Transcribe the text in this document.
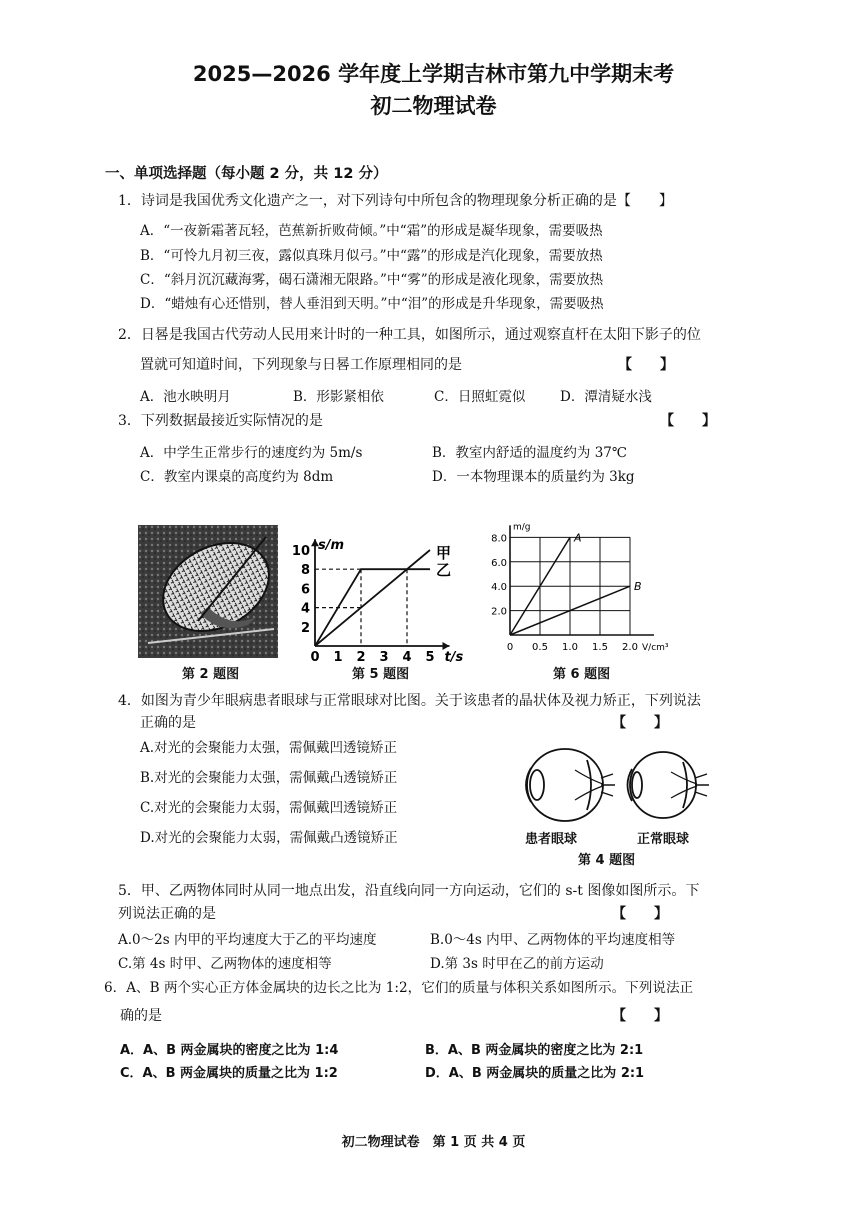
2025—2026 学年度上学期吉林市第九中学期末考
初二物理试卷
一、单项选择题（每小题 2 分，共 12 分）
1．诗词是我国优秀文化遗产之一，对下列诗句中所包含的物理现象分析正确的是【　　】
A．“一夜新霜著瓦轻，芭蕉新折败荷倾。”中“霜”的形成是凝华现象，需要吸热
B．“可怜九月初三夜，露似真珠月似弓。”中“露”的形成是汽化现象，需要放热
C．“斜月沉沉藏海雾，碣石潇湘无限路。”中“雾”的形成是液化现象，需要放热
D．“蜡烛有心还惜别，替人垂泪到天明。”中“泪”的形成是升华现象，需要吸热
2．日晷是我国古代劳动人民用来计时的一种工具，如图所示，通过观察直杆在太阳下影子的位
置就可知道时间，下列现象与日晷工作原理相同的是	【　　】
A．池水映明月	B．形影紧相依	C．日照虹霓似	D．潭清疑水浅
3．下列数据最接近实际情况的是	【　　】
A．中学生正常步行的速度约为 5m/s	B．教室内舒适的温度约为 37℃
C．教室内课桌的高度约为 8dm	D．一本物理课本的质量约为 3kg
0 1 2 3 4 5
2
4
6
8
10
t/s
s/m	甲
乙
0 0.5 1.0 1.5 2.0
2.0
4.0
6.0
8.0
V/cm³
m/g
A
B
第 2 题图	第 5 题图	第 6 题图
4．如图为青少年眼病患者眼球与正常眼球对比图。关于该患者的晶状体及视力矫正，下列说法
正确的是	【　　】
A.对光的会聚能力太强，需佩戴凹透镜矫正
B.对光的会聚能力太强，需佩戴凸透镜矫正
C.对光的会聚能力太弱，需佩戴凹透镜矫正
D.对光的会聚能力太弱，需佩戴凸透镜矫正	患者眼球	正常眼球
第 4 题图
5．甲、乙两物体同时从同一地点出发，沿直线向同一方向运动，它们的 s-t 图像如图所示。下
列说法正确的是	【　　】
A.0～2s 内甲的平均速度大于乙的平均速度	B.0～4s 内甲、乙两物体的平均速度相等
C.第 4s 时甲、乙两物体的速度相等	D.第 3s 时甲在乙的前方运动
6．A、B 两个实心正方体金属块的边长之比为 1:2，它们的质量与体积关系如图所示。下列说法正
确的是	【　　】
A．A、B 两金属块的密度之比为 1:4	B．A、B 两金属块的密度之比为 2:1
C．A、B 两金属块的质量之比为 1:2	D．A、B 两金属块的质量之比为 2:1
初二物理试卷　第 1 页 共 4 页
